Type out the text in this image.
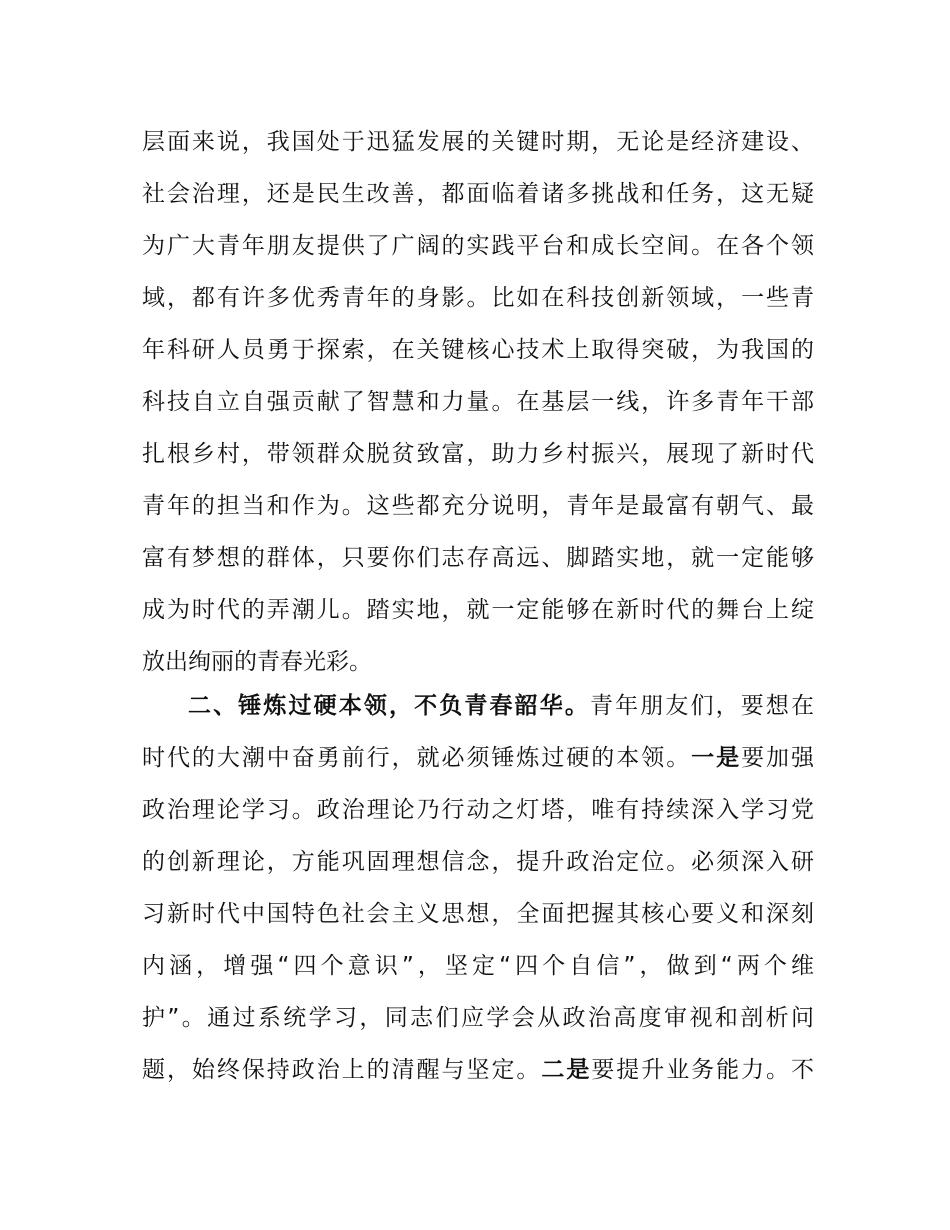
层面来说，我国处于迅猛发展的关键时期，无论是经济建设、
社会治理，还是民生改善，都面临着诸多挑战和任务，这无疑
为广大青年朋友提供了广阔的实践平台和成长空间。在各个领
域，都有许多优秀青年的身影。比如在科技创新领域，一些青
年科研人员勇于探索，在关键核心技术上取得突破，为我国的
科技自立自强贡献了智慧和力量。在基层一线，许多青年干部
扎根乡村，带领群众脱贫致富，助力乡村振兴，展现了新时代
青年的担当和作为。这些都充分说明，青年是最富有朝气、最
富有梦想的群体，只要你们志存高远、脚踏实地，就一定能够
成为时代的弄潮儿。踏实地，就一定能够在新时代的舞台上绽
放出绚丽的青春光彩。
二、锤炼过硬本领，不负青春韶华。青年朋友们，要想在
时代的大潮中奋勇前行，就必须锤炼过硬的本领。一是要加强
政治理论学习。政治理论乃行动之灯塔，唯有持续深入学习党
的创新理论，方能巩固理想信念，提升政治定位。必须深入研
习新时代中国特色社会主义思想，全面把握其核心要义和深刻
内涵，增强“四个意识”，坚定“四个自信”，做到“两个维
护”。通过系统学习，同志们应学会从政治高度审视和剖析问
题，始终保持政治上的清醒与坚定。二是要提升业务能力。不
